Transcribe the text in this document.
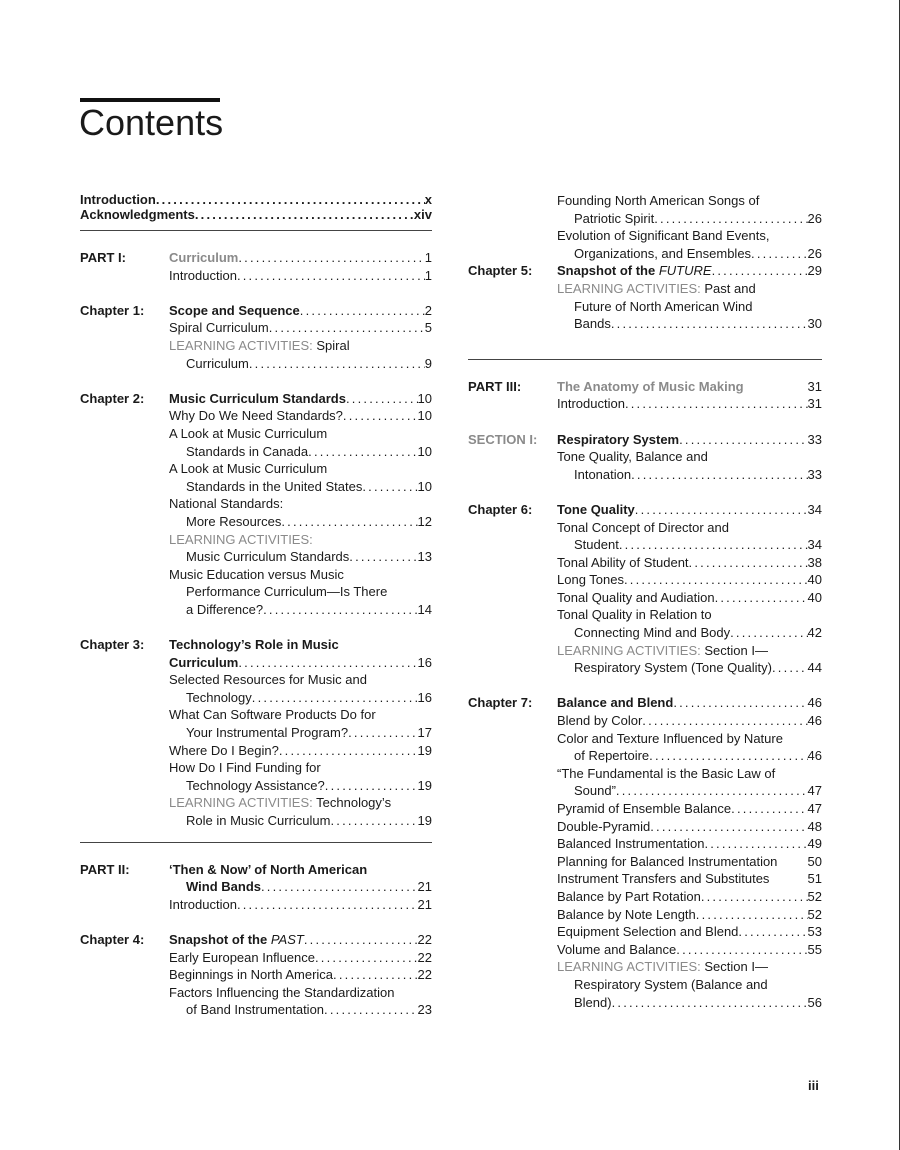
Contents
Introduction .....	x
Acknowledgments .....	xiv
PART I:	Curriculum .....	1
Introduction .....	1
Chapter 1:	Scope and Sequence .....	2
Spiral Curriculum .....	5
LEARNING ACTIVITIES: Spiral
Curriculum .....	9
Chapter 2:	Music Curriculum Standards .....	10
Why Do We Need Standards? .....	10
A Look at Music Curriculum
Standards in Canada .....	10
A Look at Music Curriculum
Standards in the United States .....	10
National Standards:
More Resources .....	12
LEARNING ACTIVITIES:
Music Curriculum Standards .....	13
Music Education versus Music
Performance Curriculum—Is There
a Difference? .....	14
Chapter 3:	Technology’s Role in Music
Curriculum .....	16
Selected Resources for Music and
Technology .....	16
What Can Software Products Do for
Your Instrumental Program? .....	17
Where Do I Begin? .....	19
How Do I Find Funding for
Technology Assistance? .....	19
LEARNING ACTIVITIES: Technology’s
Role in Music Curriculum .....	19
PART II:	‘Then & Now’ of North American
Wind Bands .....	21
Introduction .....	21
Chapter 4:	Snapshot of the PAST .....	22
Early European Influence .....	22
Beginnings in North America .....	22
Factors Influencing the Standardization
of Band Instrumentation .....	23
Founding North American Songs of
Patriotic Spirit .....	26
Evolution of Significant Band Events,
Organizations, and Ensembles .....	26
Chapter 5:	Snapshot of the FUTURE .....	29
LEARNING ACTIVITIES: Past and
Future of North American Wind
Bands .....	30
PART III:	The Anatomy of Music Making	31
Introduction .....	31
SECTION I:	Respiratory System .....	33
Tone Quality, Balance and
Intonation .....	33
Chapter 6:	Tone Quality .....	34
Tonal Concept of Director and
Student .....	34
Tonal Ability of Student .....	38
Long Tones .....	40
Tonal Quality and Audiation .....	40
Tonal Quality in Relation to
Connecting Mind and Body .....	42
LEARNING ACTIVITIES: Section I—
Respiratory System (Tone Quality) .....	44
Chapter 7:	Balance and Blend .....	46
Blend by Color .....	46
Color and Texture Influenced by Nature
of Repertoire .....	46
“The Fundamental is the Basic Law of
Sound” .....	47
Pyramid of Ensemble Balance .....	47
Double-Pyramid .....	48
Balanced Instrumentation .....	49
Planning for Balanced Instrumentation 50
Instrument Transfers and Substitutes	51
Balance by Part Rotation .....	52
Balance by Note Length .....	52
Equipment Selection and Blend .....	53
Volume and Balance .....	55
LEARNING ACTIVITIES: Section I—
Respiratory System (Balance and
Blend) .....	56
iii
